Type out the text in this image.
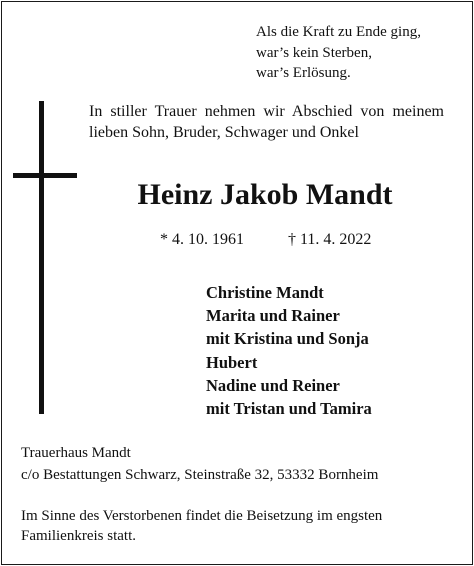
Als die Kraft zu Ende ging,
war’s kein Sterben,
war’s Erlösung.
In stiller Trauer nehmen wir Abschied von meinem lieben Sohn, Bruder, Schwager und Onkel
Heinz Jakob Mandt
* 4. 10. 1961	† 11. 4. 2022
Christine Mandt
Marita und Rainer
mit Kristina und Sonja
Hubert
Nadine und Reiner
mit Tristan und Tamira
Trauerhaus Mandt
c/o Bestattungen Schwarz, Steinstraße 32, 53332 Bornheim
Im Sinne des Verstorbenen findet die Beisetzung im engsten Familienkreis statt.
